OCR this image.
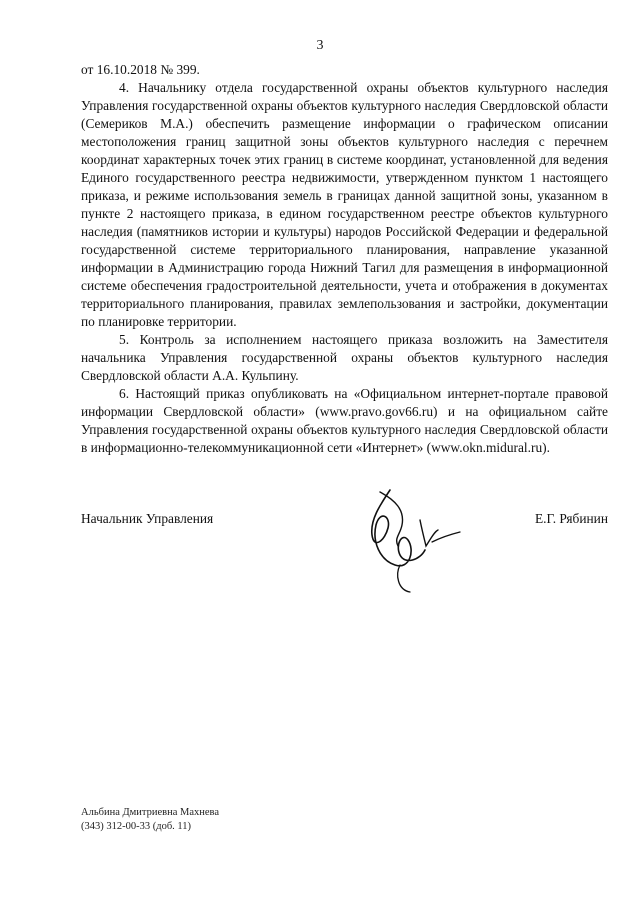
3

от 16.10.2018 № 399.

4. Начальнику отдела государственной охраны объектов культурного наследия Управления государственной охраны объектов культурного наследия Свердловской области (Семериков М.А.) обеспечить размещение информации о графическом описании местоположения границ защитной зоны объектов культурного наследия с перечнем координат характерных точек этих границ в системе координат, установленной для ведения Единого государственного реестра недвижимости, утвержденном пунктом 1 настоящего приказа, и режиме использования земель в границах данной защитной зоны, указанном в пункте 2 настоящего приказа, в едином государственном реестре объектов культурного наследия (памятников истории и культуры) народов Российской Федерации и федеральной государственной системе территориального планирования, направление указанной информации в Администрацию города Нижний Тагил для размещения в информационной системе обеспечения градостроительной деятельности, учета и отображения в документах территориального планирования, правилах землепользования и застройки, документации по планировке территории.

5. Контроль за исполнением настоящего приказа возложить на Заместителя начальника Управления государственной охраны объектов культурного наследия Свердловской области А.А. Кульпину.

6. Настоящий приказ опубликовать на «Официальном интернет-портале правовой информации Свердловской области» (www.pravo.gov66.ru) и на официальном сайте Управления государственной охраны объектов культурного наследия Свердловской области в информационно-телекоммуникационной сети «Интернет» (www.okn.midural.ru).

Начальник Управления	Е.Г. Рябинин
Альбина Дмитриевна Махнева
(343) 312-00-33 (доб. 11)
